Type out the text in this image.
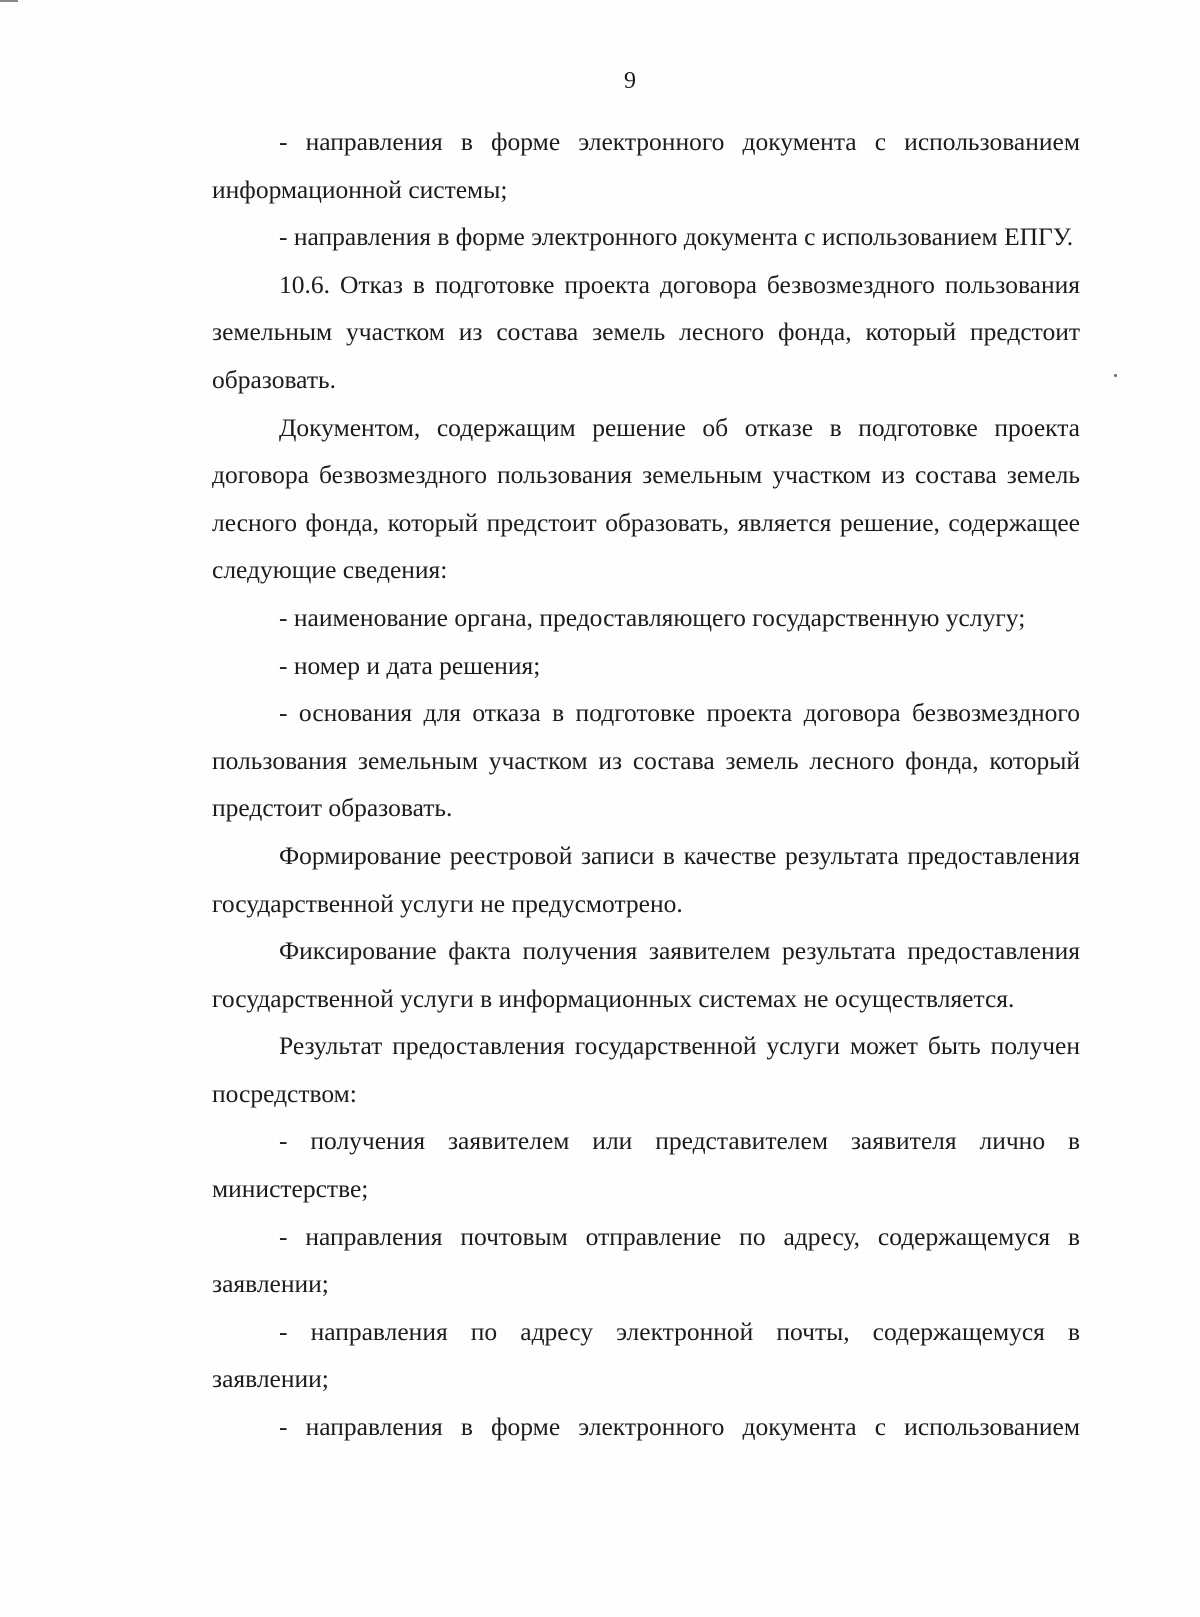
9

- направления в форме электронного документа с использованием информационной системы;

- направления в форме электронного документа с использованием ЕПГУ.

10.6. Отказ в подготовке проекта договора безвозмездного пользования земельным участком из состава земель лесного фонда, который предстоит образовать.

Документом, содержащим решение об отказе в подготовке проекта договора безвозмездного пользования земельным участком из состава земель лесного фонда, который предстоит образовать, является решение, содержащее следующие сведения:

- наименование органа, предоставляющего государственную услугу;

- номер и дата решения;

- основания для отказа в подготовке проекта договора безвозмездного пользования земельным участком из состава земель лесного фонда, который предстоит образовать.

Формирование реестровой записи в качестве результата предоставления государственной услуги не предусмотрено.

Фиксирование факта получения заявителем результата предоставления государственной услуги в информационных системах не осуществляется.

Результат предоставления государственной услуги может быть получен посредством:

- получения заявителем или представителем заявителя лично в министерстве;

- направления почтовым отправление по адресу, содержащемуся в заявлении;

- направления по адресу электронной почты, содержащемуся в заявлении;

- направления в форме электронного документа с использованием
